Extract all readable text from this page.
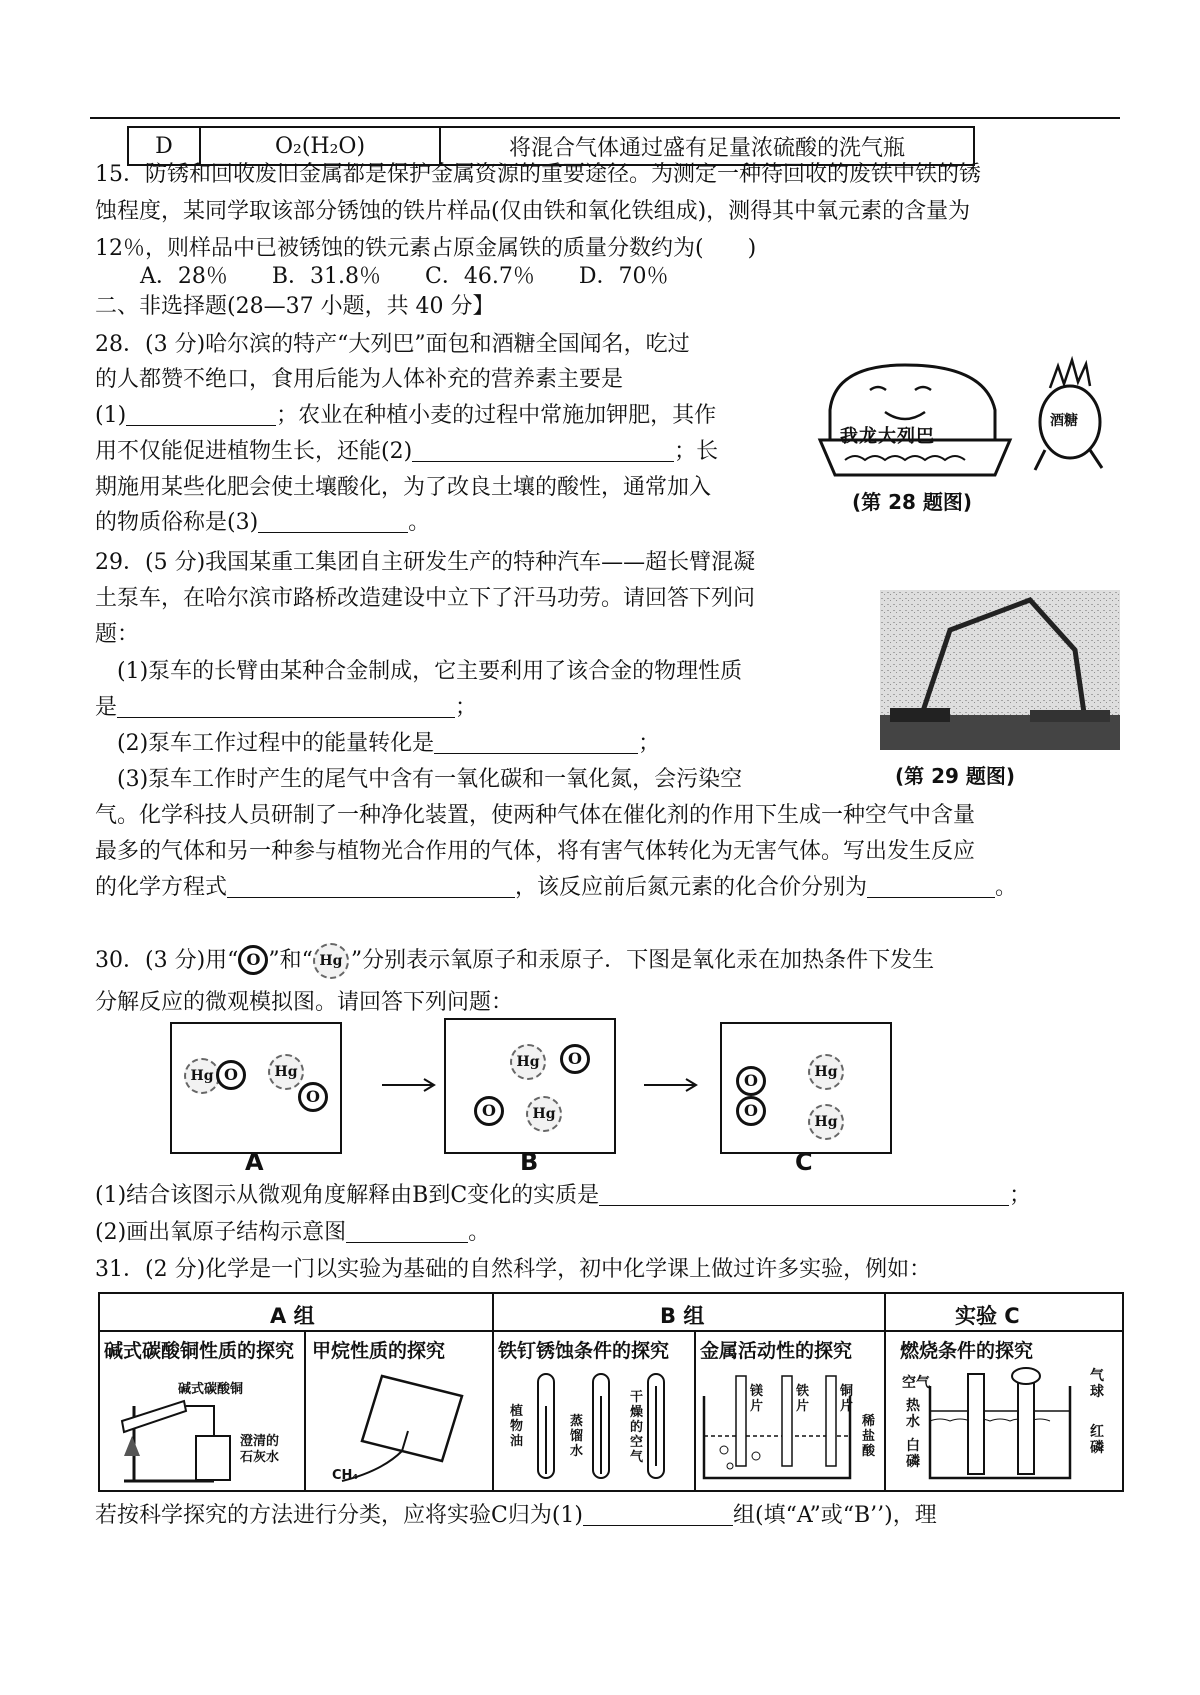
D	O₂(H₂O)	将混合气体通过盛有足量浓硫酸的洗气瓶
15．防锈和回收废旧金属都是保护金属资源的重要途径。为测定一种待回收的废铁中铁的锈
蚀程度，某同学取该部分锈蚀的铁片样品(仅由铁和氧化铁组成)，测得其中氧元素的含量为
12％，则样品中已被锈蚀的铁元素占原金属铁的质量分数约为(　　)
A．28％　　B．31.8％　　C．46.7％　　D．70％
二、非选择题(28—37 小题，共 40 分】
28．(3 分)哈尔滨的特产“大列巴”面包和酒糖全国闻名，吃过
的人都赞不绝口，食用后能为人体补充的营养素主要是
(1)	；农业在种植小麦的过程中常施加钾肥，其作
用不仅能促进植物生长，还能(2)	；长
期施用某些化肥会使土壤酸化，为了改良土壤的酸性，通常加入
的物质俗称是(3)	。
我龙大列巴
酒糖
(第 28 题图)
29．(5 分)我国某重工集团自主研发生产的特种汽车——超长臂混凝
土泵车，在哈尔滨市路桥改造建设中立下了汗马功劳。请回答下列问
题：
(1)泵车的长臂由某种合金制成，它主要利用了该合金的物理性质
是	；
(2)泵车工作过程中的能量转化是	；
(3)泵车工作时产生的尾气中含有一氧化碳和一氧化氮，会污染空
气。化学科技人员研制了一种净化装置，使两种气体在催化剂的作用下生成一种空气中含量
最多的气体和另一种参与植物光合作用的气体，将有害气体转化为无害气体。写出发生反应
的化学方程式	，该反应前后氮元素的化合价分别为	。
(第 29 题图)
30．(3 分)用“ O ”和“ Hg ”分别表示氧原子和汞原子．下图是氧化汞在加热条件下发生
分解反应的微观模拟图。请回答下列问题：
Hg O	Hg
O
Hg	O
O	Hg
O
O
Hg
Hg
A	B	C
(1)结合该图示从微观角度解释由B到C变化的实质是	；
(2)画出氧原子结构示意图	。
31．(2 分)化学是一门以实验为基础的自然科学，初中化学课上做过许多实验，例如：
A 组	B 组	实验 C
碱式碳酸铜性质的探究 甲烷性质的探究	铁钉锈蚀条件的探究 金属活动性的探究	燃烧条件的探究
碱式碳酸铜
澄清的石灰水
CH₄
植物油
蒸馏水
干燥的空气
镁片
铁片
铜片
稀盐酸
空气	气球
热水
白磷
红磷
若按科学探究的方法进行分类，应将实验C归为(1)	组(填“A”或“B’’)，理
